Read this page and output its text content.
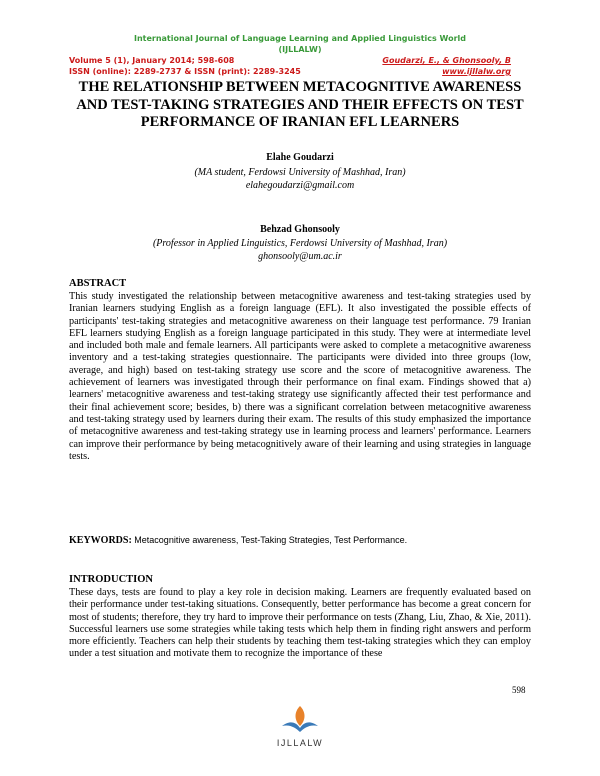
International Journal of Language Learning and Applied Linguistics World
(IJLLALW)
Volume 5 (1), January 2014; 598-608	Goudarzi, E., & Ghonsooly, B
ISSN (online): 2289-2737 & ISSN (print): 2289-3245	www.ijllalw.org
THE RELATIONSHIP BETWEEN METACOGNITIVE AWARENESS AND TEST-TAKING STRATEGIES AND THEIR EFFECTS ON TEST PERFORMANCE OF IRANIAN EFL LEARNERS
Elahe Goudarzi
(MA student, Ferdowsi University of Mashhad, Iran)
elahegoudarzi@gmail.com
Behzad Ghonsooly
(Professor in Applied Linguistics, Ferdowsi University of Mashhad, Iran)
ghonsooly@um.ac.ir
ABSTRACT
This study investigated the relationship between metacognitive awareness and test-taking strategies used by Iranian learners studying English as a foreign language (EFL). It also investigated the possible effects of participants' test-taking strategies and metacognitive awareness on their language test performance. 79 Iranian EFL learners studying English as a foreign language participated in this study. They were at intermediate level and included both male and female learners. All participants were asked to complete a metacognitive awareness inventory and a test-taking strategies questionnaire. The participants were divided into three groups (low, average, and high) based on test-taking strategy use score and the score of metacognitive awareness. The achievement of learners was investigated through their performance on final exam. Findings showed that a) learners' metacognitive awareness and test-taking strategy use significantly affected their test performance and their final achievement score; besides, b) there was a significant correlation between metacognitive awareness and test-taking strategy used by learners during their exam. The results of this study emphasized the importance of metacognitive awareness and test-taking strategy use in learning process and learners' performance. Learners can improve their performance by being metacognitively aware of their learning and using strategies in language tests.
KEYWORDS: Metacognitive awareness, Test-Taking Strategies, Test Performance.
INTRODUCTION
These days, tests are found to play a key role in decision making. Learners are frequently evaluated based on their performance under test-taking situations. Consequently, better performance has become a great concern for most of students; therefore, they try hard to improve their performance on tests (Zhang, Liu, Zhao, & Xie, 2011). Successful learners use some strategies while taking tests which help them in finding right answers and perform more efficiently. Teachers can help their students by teaching them test-taking strategies which they can employ under a test situation and motivate them to recognize the importance of these
598
IJLLALW
